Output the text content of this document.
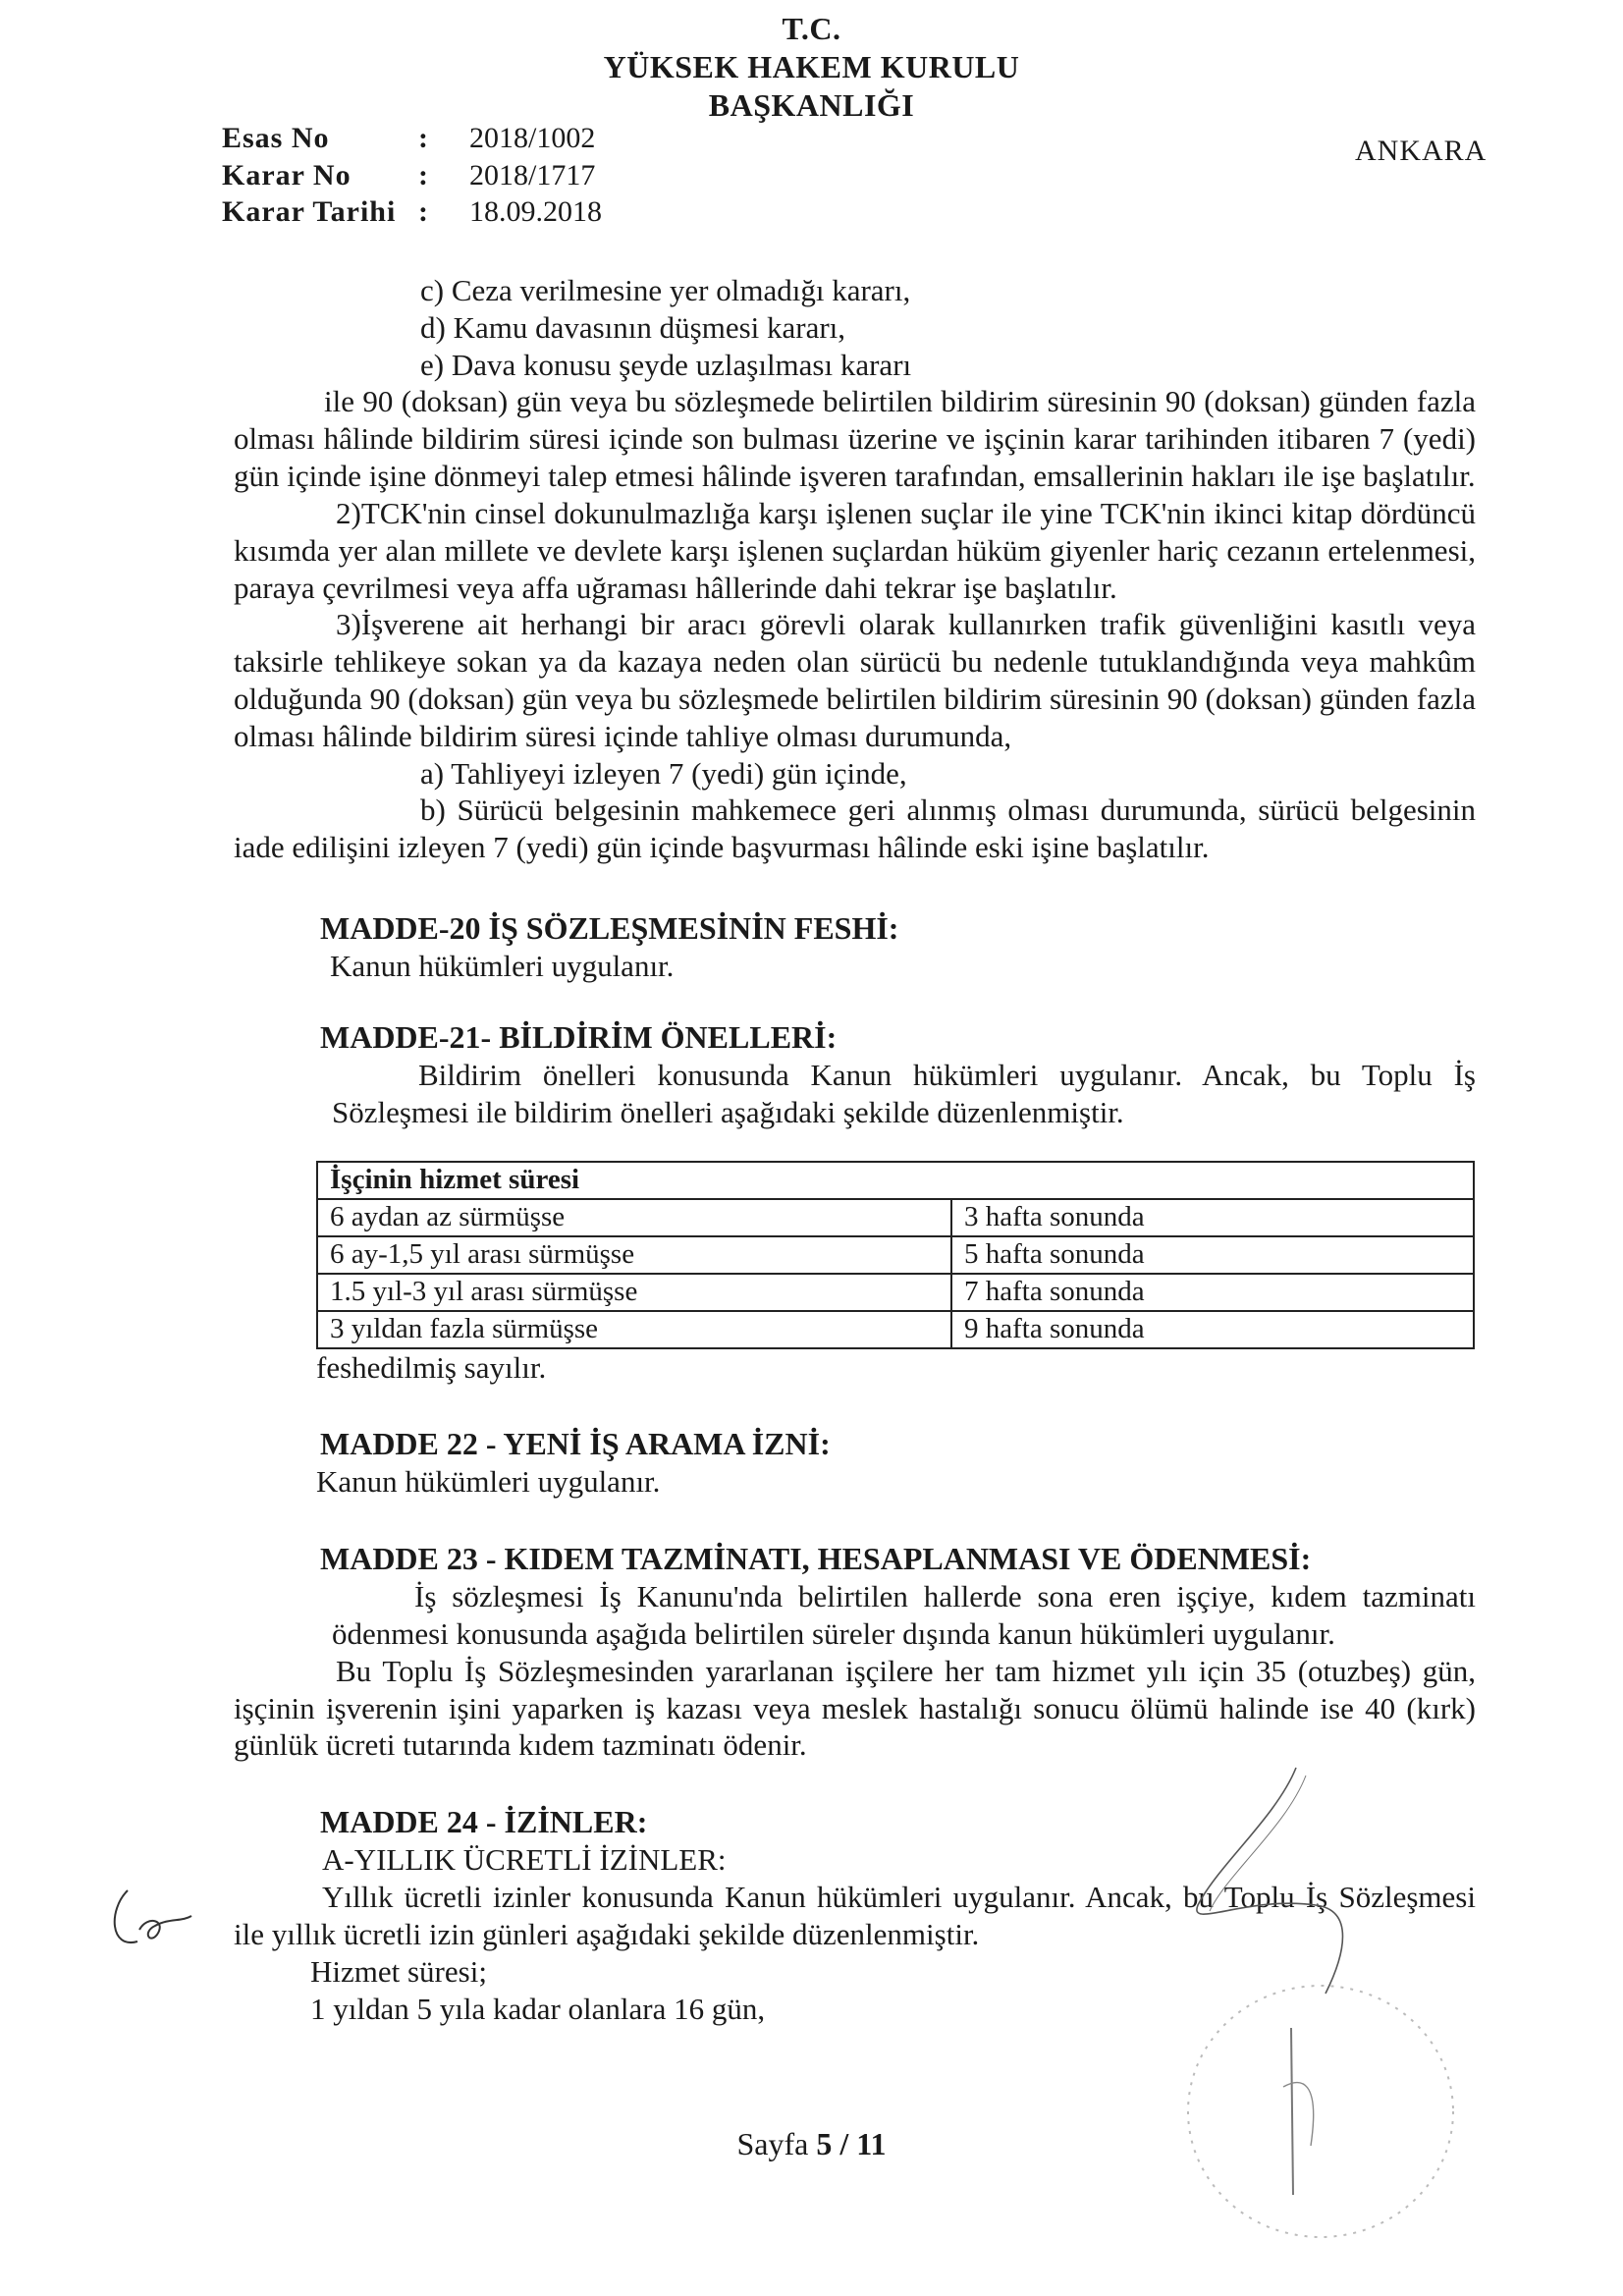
T.C.
YÜKSEK HAKEM KURULU
BAŞKANLIĞI
Esas No	:	2018/1002
Karar No	:	2018/1717
Karar Tarihi	:	18.09.2018
ANKARA

c) Ceza verilmesine yer olmadığı kararı,

d) Kamu davasının düşmesi kararı,

e) Dava konusu şeyde uzlaşılması kararı

ile 90 (doksan) gün veya bu sözleşmede belirtilen bildirim süresinin 90 (doksan) günden fazla olması hâlinde bildirim süresi içinde son bulması üzerine ve işçinin karar tarihinden itibaren 7 (yedi) gün içinde işine dönmeyi talep etmesi hâlinde işveren tarafından, emsallerinin hakları ile işe başlatılır.

2)TCK'nin cinsel dokunulmazlığa karşı işlenen suçlar ile yine TCK'nin ikinci kitap dördüncü kısımda yer alan millete ve devlete karşı işlenen suçlardan hüküm giyenler hariç cezanın ertelenmesi, paraya çevrilmesi veya affa uğraması hâllerinde dahi tekrar işe başlatılır.

3)İşverene ait herhangi bir aracı görevli olarak kullanırken trafik güvenliğini kasıtlı veya taksirle tehlikeye sokan ya da kazaya neden olan sürücü bu nedenle tutuklandığında veya mahkûm olduğunda 90 (doksan) gün veya bu sözleşmede belirtilen bildirim süresinin 90 (doksan) günden fazla olması hâlinde bildirim süresi içinde tahliye olması durumunda,

a) Tahliyeyi izleyen 7 (yedi) gün içinde,

b) Sürücü belgesinin mahkemece geri alınmış olması durumunda, sürücü belgesinin iade edilişini izleyen 7 (yedi) gün içinde başvurması hâlinde eski işine başlatılır.

MADDE-20 İŞ SÖZLEŞMESİNİN FESHİ:

Kanun hükümleri uygulanır.

MADDE-21- BİLDİRİM ÖNELLERİ:

Bildirim önelleri konusunda Kanun hükümleri uygulanır. Ancak, bu Toplu İş Sözleşmesi ile bildirim önelleri aşağıdaki şekilde düzenlenmiştir.

İşçinin hizmet süresi	
6 aydan az sürmüşse	3 hafta sonunda
6 ay-1,5 yıl arası sürmüşse	5 hafta sonunda
1.5 yıl-3 yıl arası sürmüşse	7 hafta sonunda
3 yıldan fazla sürmüşse	9 hafta sonunda

feshedilmiş sayılır.

MADDE 22 - YENİ İŞ ARAMA İZNİ:

Kanun hükümleri uygulanır.

MADDE 23 - KIDEM TAZMİNATI, HESAPLANMASI VE ÖDENMESİ:

İş sözleşmesi İş Kanunu'nda belirtilen hallerde sona eren işçiye, kıdem tazminatı ödenmesi konusunda aşağıda belirtilen süreler dışında kanun hükümleri uygulanır.

Bu Toplu İş Sözleşmesinden yararlanan işçilere her tam hizmet yılı için 35 (otuzbeş) gün, işçinin işverenin işini yaparken iş kazası veya meslek hastalığı sonucu ölümü halinde ise 40 (kırk) günlük ücreti tutarında kıdem tazminatı ödenir.

MADDE 24 - İZİNLER:

A-YILLIK ÜCRETLİ İZİNLER:

Yıllık ücretli izinler konusunda Kanun hükümleri uygulanır. Ancak, bu Toplu İş Sözleşmesi ile yıllık ücretli izin günleri aşağıdaki şekilde düzenlenmiştir.

Hizmet süresi;

1 yıldan 5 yıla kadar olanlara 16 gün,

Sayfa 5 / 11
